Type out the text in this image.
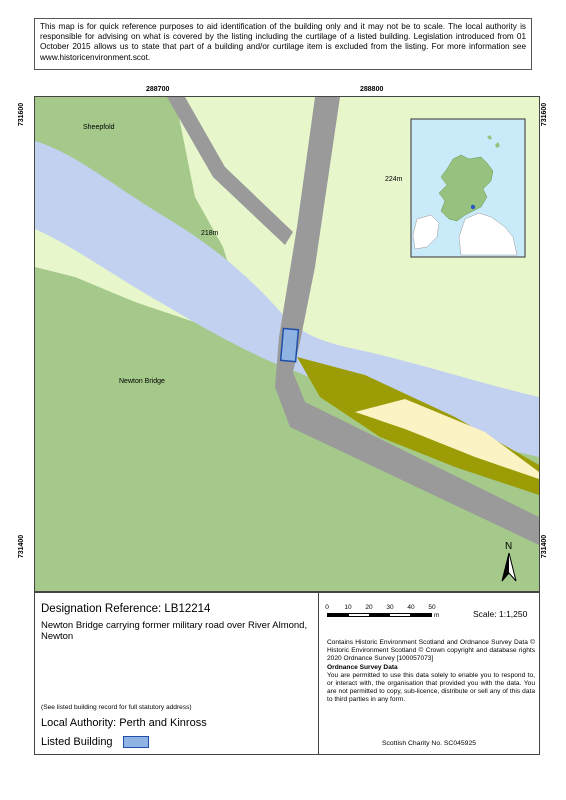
This map is for quick reference purposes to aid identification of the building only and it may not be to scale. The local authority is responsible for advising on what is covered by the listing including the curtilage of a listed building. Legislation introduced from 01 October 2015 allows us to state that part of a building and/or curtilage item is excluded from the listing. For more information see www.historicenvironment.scot.
288700	288800
731600
731400
731600
731400
Sheepfold
218m
224m
Newton Bridge
N
Designation Reference: LB12214
Newton Bridge carrying former military road over River Almond, Newton
(See listed building record for full statutory address)
Local Authority: Perth and Kinross
Listed Building
0 10 20 30 40 50
m	Scale: 1:1,250
Contains Historic Environment Scotland and Ordnance Survey Data © Historic Environment Scotland © Crown copyright and database rights 2020 Ordnance Survey [100057073]
Ordnance Survey Data
You are permitted to use this data solely to enable you to respond to, or interact with, the organisation that provided you with the data. You are not permitted to copy, sub-licence, distribute or sell any of this data to third parties in any form.
Scottish Charity No. SC045925
